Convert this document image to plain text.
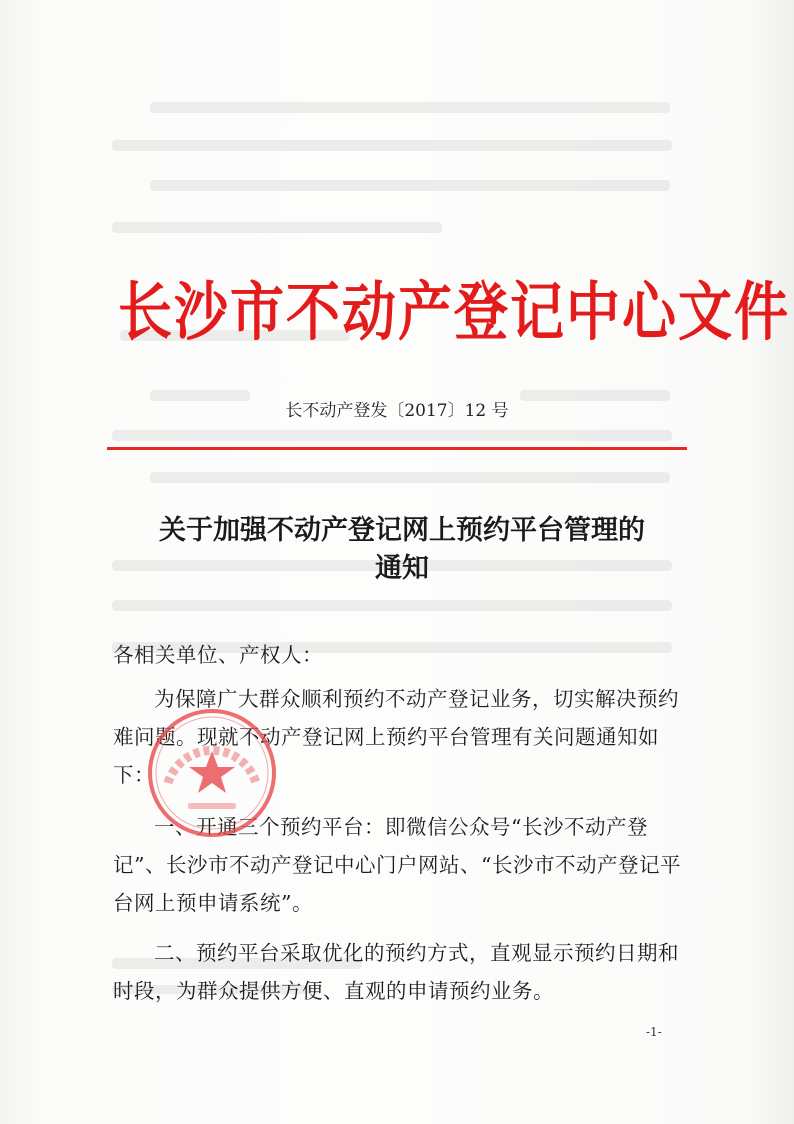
长沙市不动产登记中心文件
长不动产登发〔2017〕12 号
关于加强不动产登记网上预约平台管理的
通知
各相关单位、产权人：
为保障广大群众顺利预约不动产登记业务，切实解决预约难问题。现就不动产登记网上预约平台管理有关问题通知如下：
一、开通三个预约平台：即微信公众号“长沙不动产登记”、长沙市不动产登记中心门户网站、“长沙市不动产登记平台网上预申请系统”。
二、预约平台采取优化的预约方式，直观显示预约日期和时段，为群众提供方便、直观的申请预约业务。
-1-
